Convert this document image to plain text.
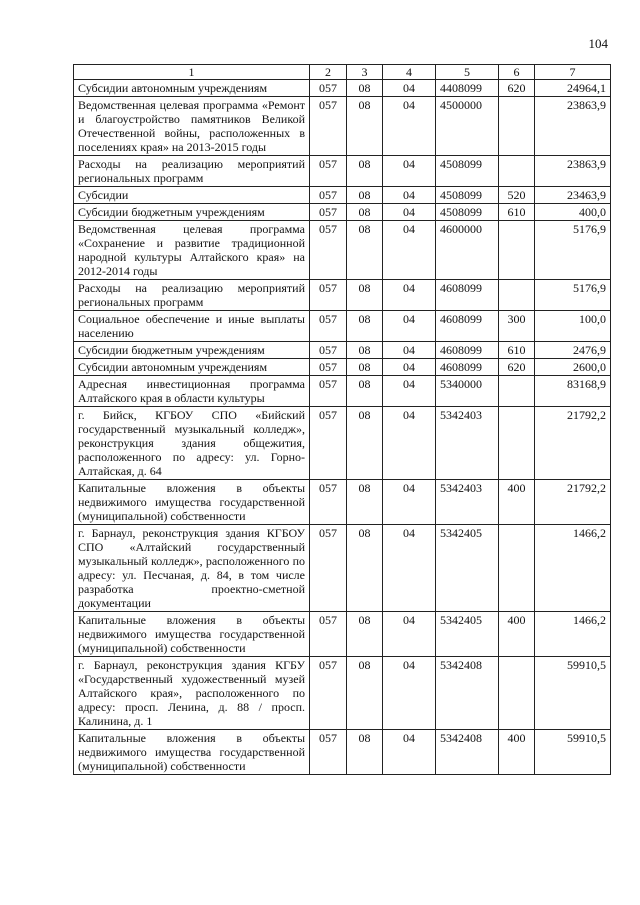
104
1	2	3	4	5	6	7
Субсидии автономным учреждениям	057	08	04	4408099	620	24964,1
Ведомственная целевая программа «Ремонт и благоустройство памятников Великой Отечественной войны, расположенных в поселениях края» на 2013-2015 годы	057	08	04	4500000		23863,9
Расходы на реализацию мероприятий региональных программ	057	08	04	4508099		23863,9
Субсидии	057	08	04	4508099	520	23463,9
Субсидии бюджетным учреждениям	057	08	04	4508099	610	400,0
Ведомственная целевая программа «Сохранение и развитие традиционной народной культуры Алтайского края» на 2012-2014 годы	057	08	04	4600000		5176,9
Расходы на реализацию мероприятий региональных программ	057	08	04	4608099		5176,9
Социальное обеспечение и иные выплаты населению	057	08	04	4608099	300	100,0
Субсидии бюджетным учреждениям	057	08	04	4608099	610	2476,9
Субсидии автономным учреждениям	057	08	04	4608099	620	2600,0
Адресная инвестиционная программа Алтайского края в области культуры	057	08	04	5340000		83168,9
г. Бийск, КГБОУ СПО «Бийский государственный музыкальный колледж», реконструкция здания общежития, расположенного по адресу: ул. Горно-Алтайская, д. 64	057	08	04	5342403		21792,2
Капитальные вложения в объекты недвижимого имущества государственной (муниципальной) собственности	057	08	04	5342403	400	21792,2
г. Барнаул, реконструкция здания КГБОУ СПО «Алтайский государственный музыкальный колледж», расположенного по адресу: ул. Песчаная, д. 84, в том числе разработка проектно-сметной документации	057	08	04	5342405		1466,2
Капитальные вложения в объекты недвижимого имущества государственной (муниципальной) собственности	057	08	04	5342405	400	1466,2
г. Барнаул, реконструкция здания КГБУ «Государственный художественный музей Алтайского края», расположенного по адресу: просп. Ленина, д. 88 / просп. Калинина, д. 1	057	08	04	5342408		59910,5
Капитальные вложения в объекты недвижимого имущества государственной (муниципальной) собственности	057	08	04	5342408	400	59910,5
